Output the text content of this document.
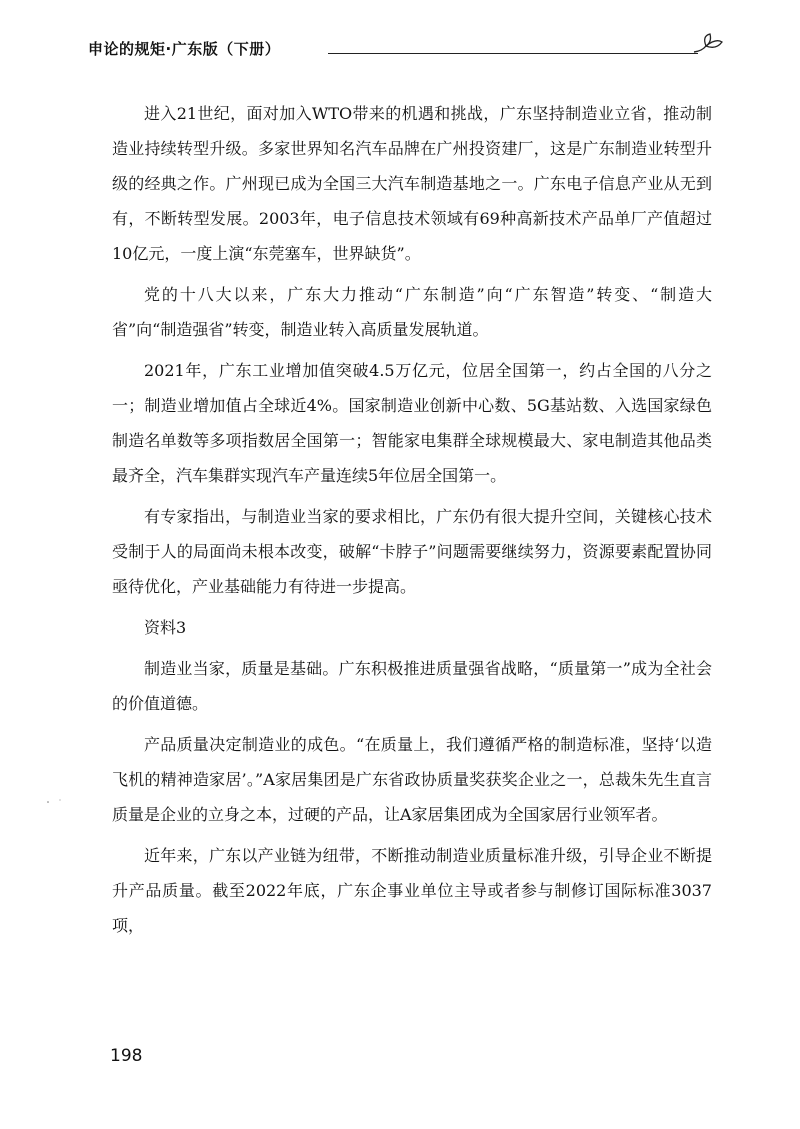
申论的规矩·广东版（下册）

进入21世纪，面对加入WTO带来的机遇和挑战，广东坚持制造业立省，推动制造业持续转型升级。多家世界知名汽车品牌在广州投资建厂，这是广东制造业转型升级的经典之作。广州现已成为全国三大汽车制造基地之一。广东电子信息产业从无到有，不断转型发展。2003年，电子信息技术领域有69种高新技术产品单厂产值超过10亿元，一度上演“东莞塞车，世界缺货”。

党的十八大以来，广东大力推动“广东制造”向“广东智造”转变、“制造大省”向“制造强省”转变，制造业转入高质量发展轨道。

2021年，广东工业增加值突破4.5万亿元，位居全国第一，约占全国的八分之一；制造业增加值占全球近4%。国家制造业创新中心数、5G基站数、入选国家绿色制造名单数等多项指数居全国第一；智能家电集群全球规模最大、家电制造其他品类最齐全，汽车集群实现汽车产量连续5年位居全国第一。

有专家指出，与制造业当家的要求相比，广东仍有很大提升空间，关键核心技术受制于人的局面尚未根本改变，破解“卡脖子”问题需要继续努力，资源要素配置协同亟待优化，产业基础能力有待进一步提高。

资料3

制造业当家，质量是基础。广东积极推进质量强省战略，“质量第一”成为全社会的价值道德。

产品质量决定制造业的成色。“在质量上，我们遵循严格的制造标准，坚持‘以造飞机的精神造家居’。”A家居集团是广东省政协质量奖获奖企业之一，总裁朱先生直言质量是企业的立身之本，过硬的产品，让A家居集团成为全国家居行业领军者。

近年来，广东以产业链为纽带，不断推动制造业质量标准升级，引导企业不断提升产品质量。截至2022年底，广东企事业单位主导或者参与制修订国际标准3037项，

198
